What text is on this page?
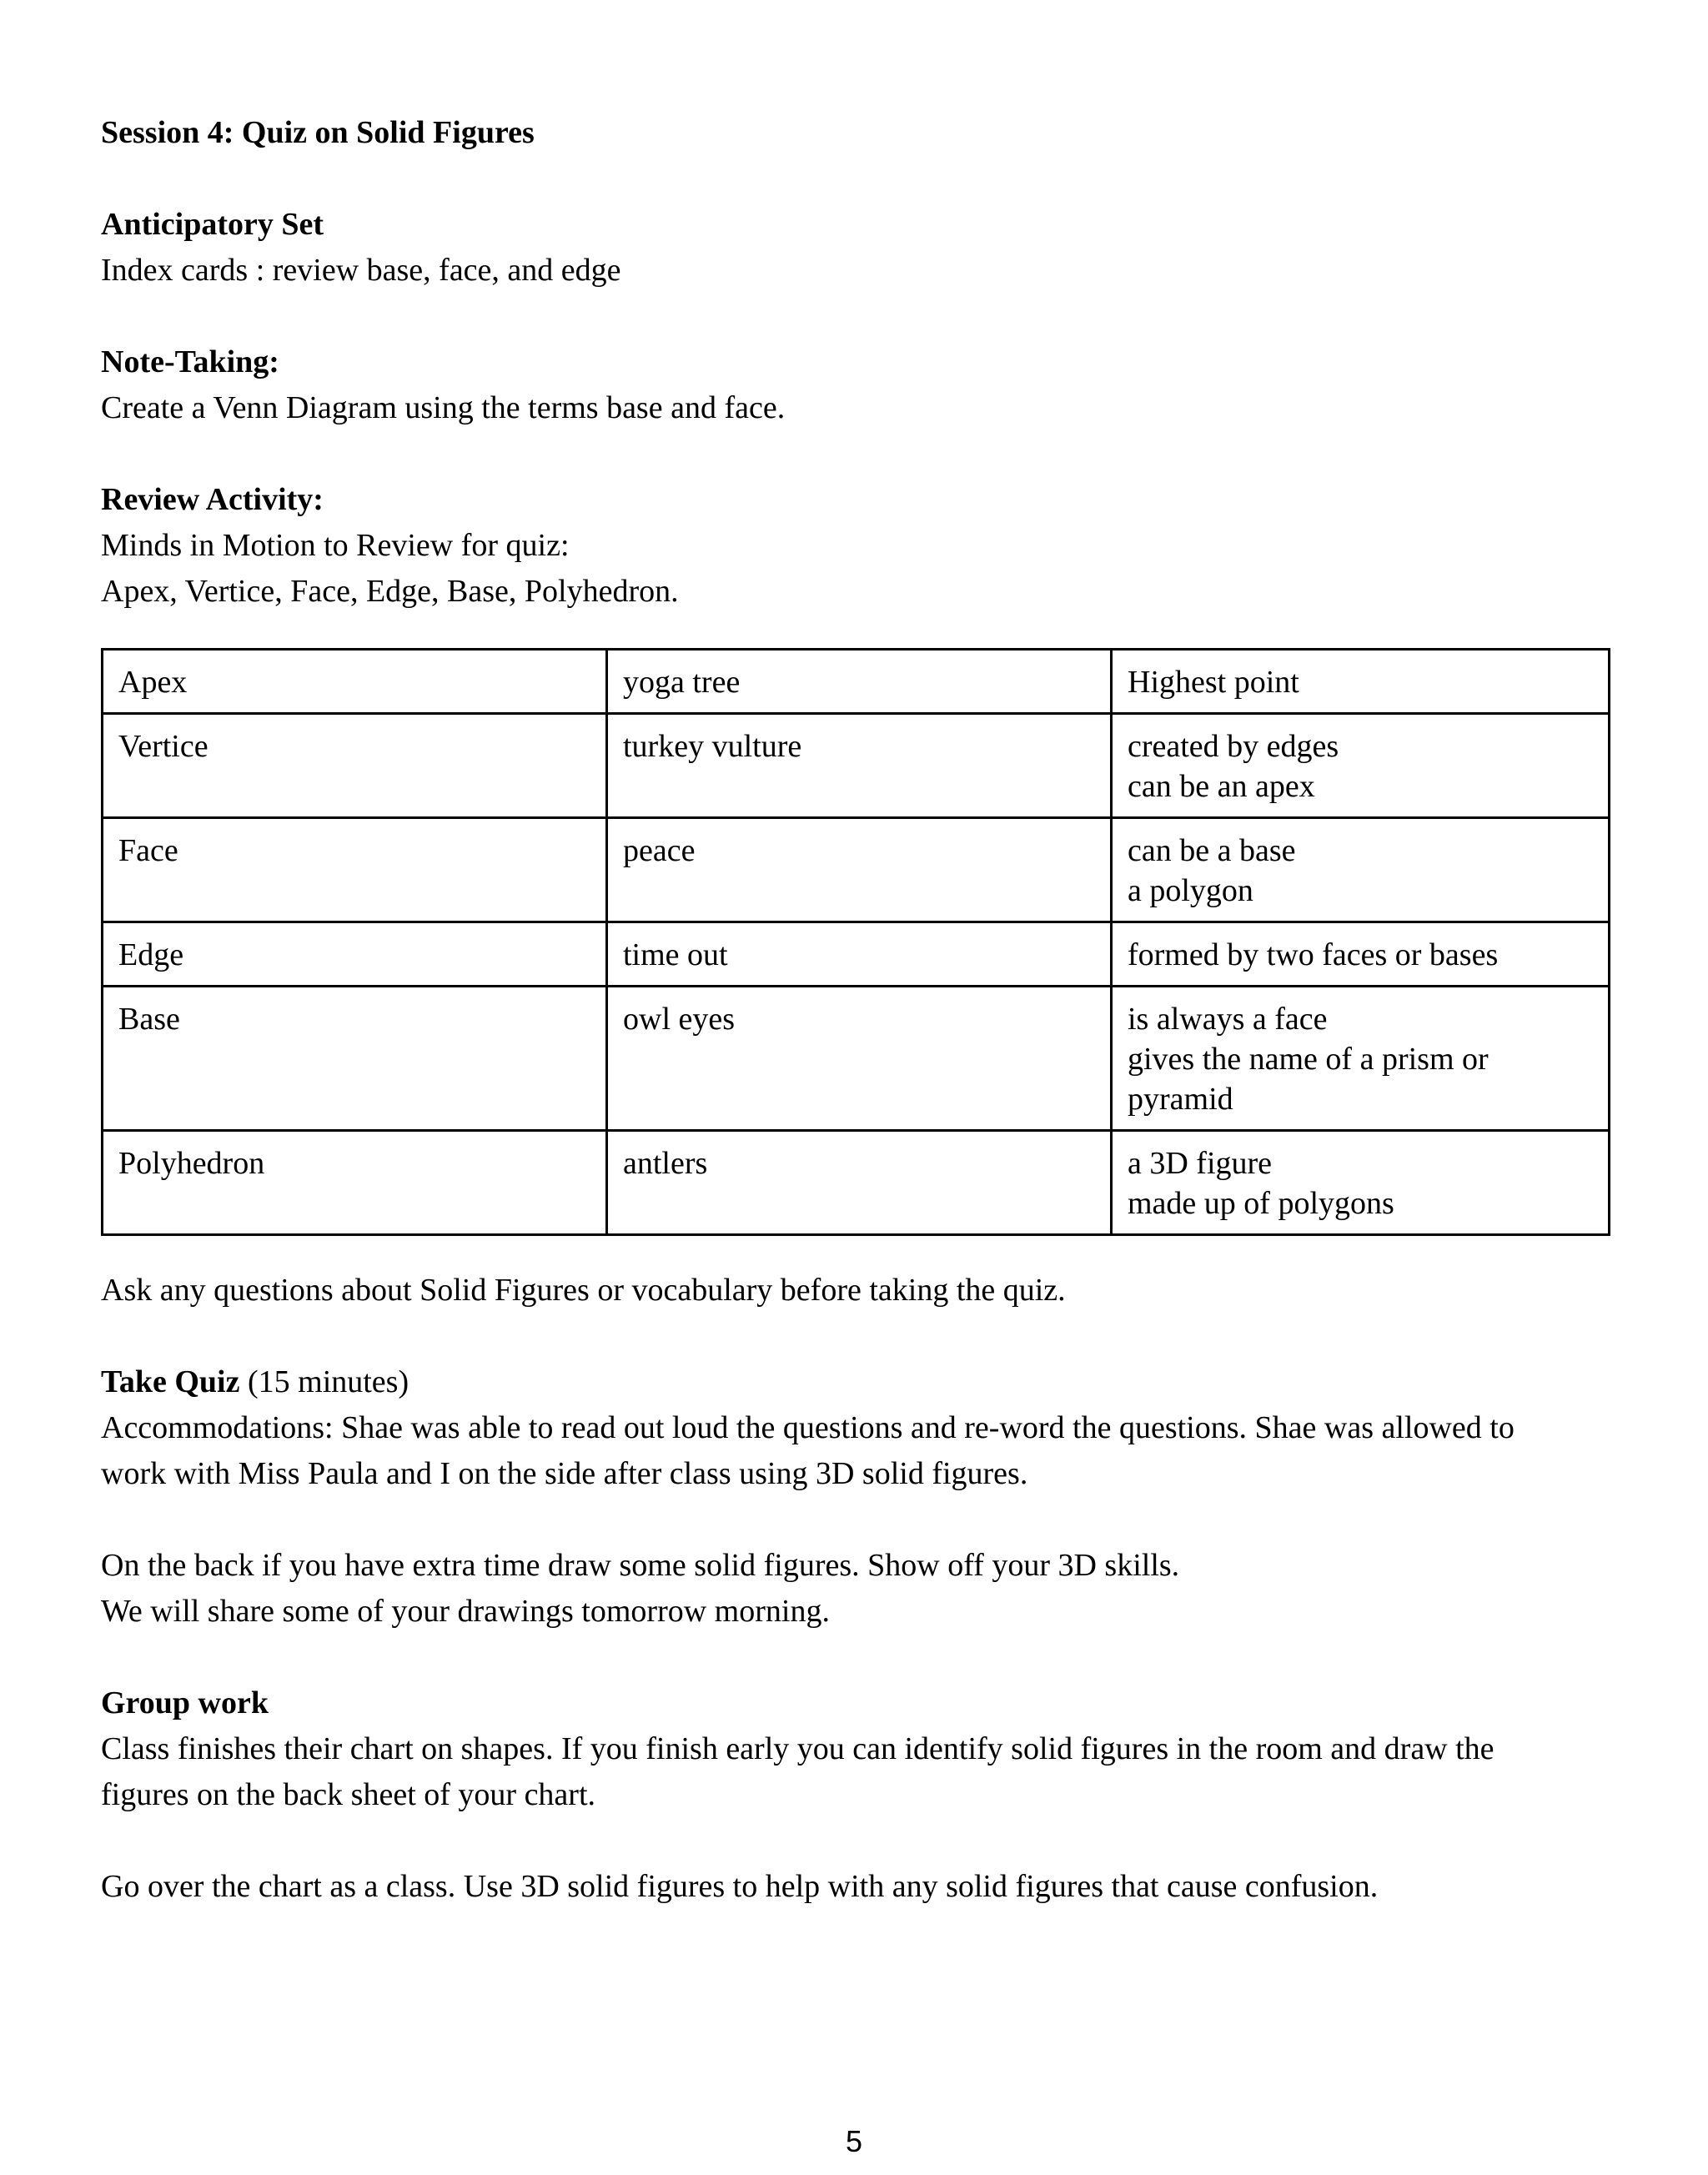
Session 4: Quiz on Solid Figures

Anticipatory Set

Index cards : review base, face, and edge

Note-Taking:

Create a Venn Diagram using the terms base and face.

Review Activity:

Minds in Motion to Review for quiz:

Apex, Vertice, Face, Edge, Base, Polyhedron.

Apex	yoga tree	Highest point

Vertice	turkey vulture	created by edges
can be an apex

Face	peace	can be a base
a polygon

Edge	time out	formed by two faces or bases

Base	owl eyes	is always a face
gives the name of a prism or
pyramid

Polyhedron	antlers	a 3D figure
made up of polygons

Ask any questions about Solid Figures or vocabulary before taking the quiz.

Take Quiz (15 minutes)

Accommodations: Shae was able to read out loud the questions and re-word the questions. Shae was allowed to

work with Miss Paula and I on the side after class using 3D solid figures.

On the back if you have extra time draw some solid figures. Show off your 3D skills.

We will share some of your drawings tomorrow morning.

Group work

Class finishes their chart on shapes. If you finish early you can identify solid figures in the room and draw the

figures on the back sheet of your chart.

Go over the chart as a class. Use 3D solid figures to help with any solid figures that cause confusion.

5
